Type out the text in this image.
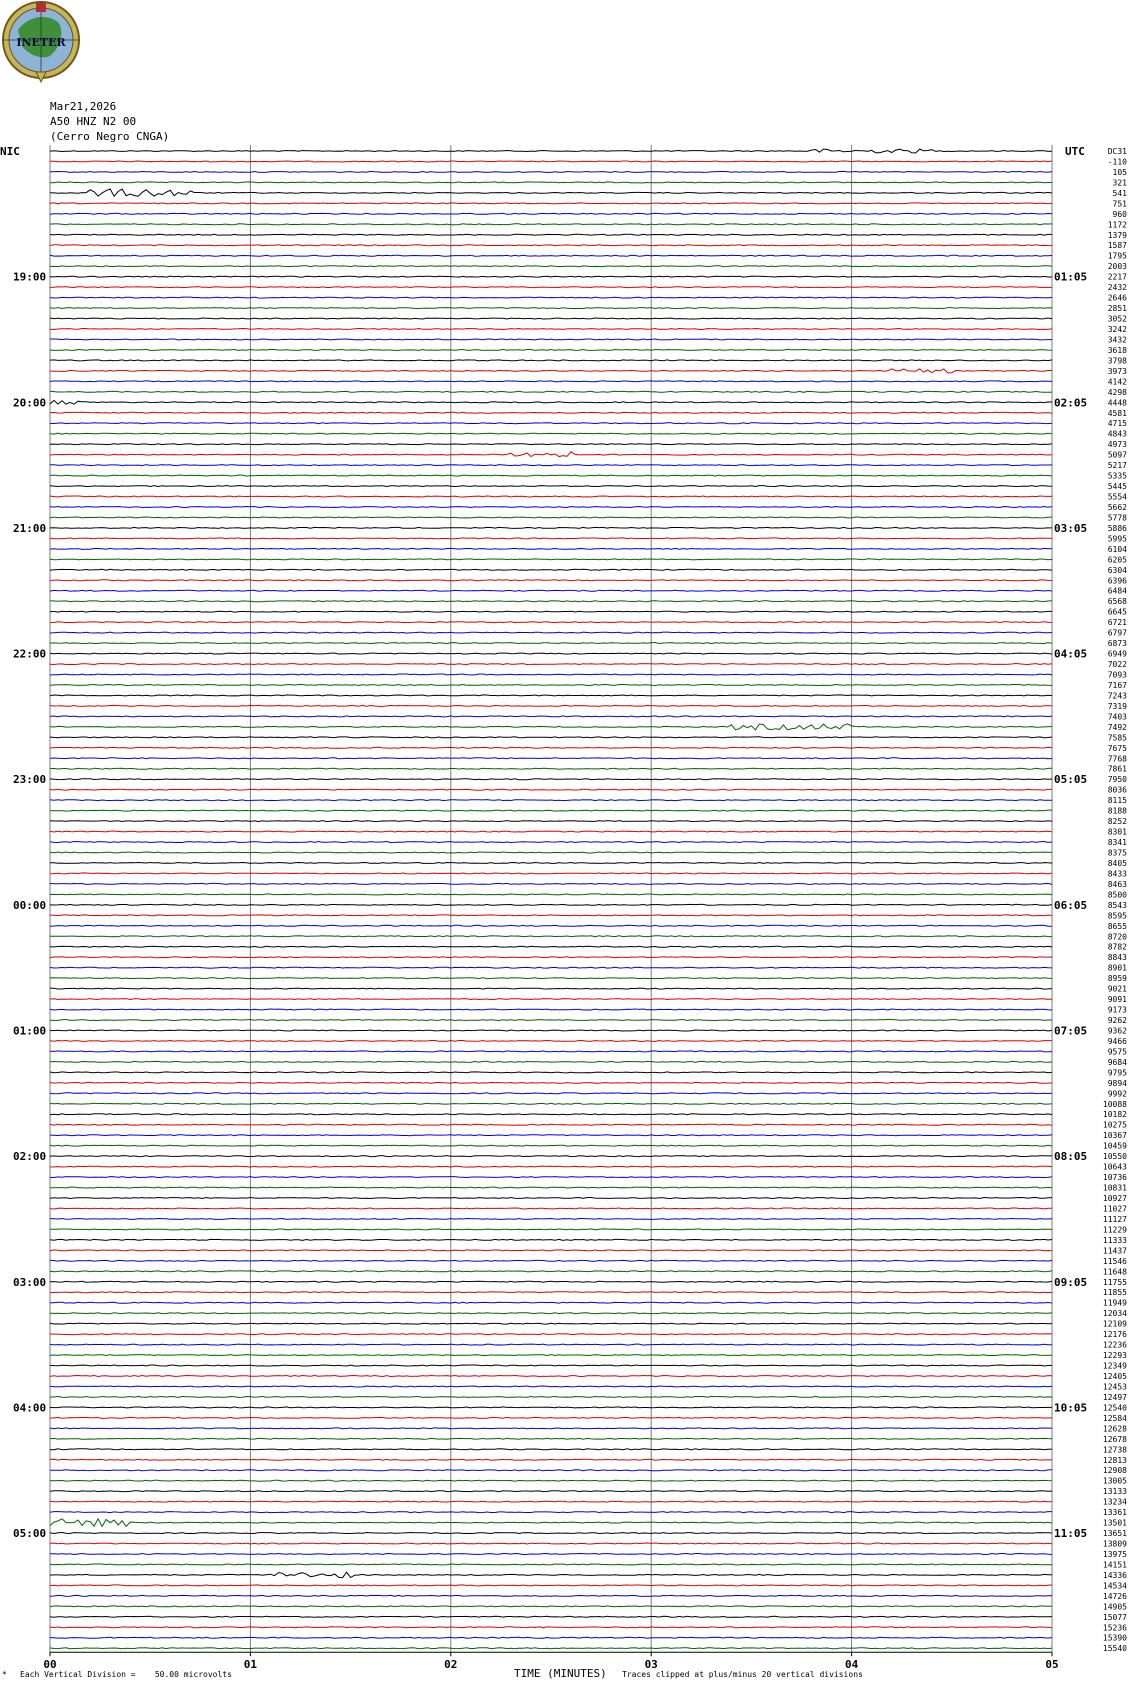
INETER
Mar21,2026
A50 HNZ N2 00
(Cerro Negro CNGA)
NIC	UTC	DC31
-110
105
321
541
751
960
1172
1379
1587
1795
2003
2217
2432
2646
2851
3052
3242
3432
3618
3798
3973
4142
4298
4448
4581
4715
4843
4973
5097
5217
5335
5445
5554
5662
5778
5886
5995
6104
6205
6304
6396
6484
6568
6645
6721
6797
6873
6949
7022
7093
7167
7243
7319
7403
7492
7585
7675
7768
7861
7950
8036
8115
8188
8252
8301
8341
8375
8405
8433
8463
8500
8543
8595
8655
8720
8782
8843
8901
8959
9021
9091
9173
9262
9362
9466
9575
9684
9795
9894
9992
10088
10182
10275
10367
10459
10550
10643
10736
10831
10927
11027
11127
11229
11333
11437
11546
11648
11755
11855
11949
12034
12109
12176
12236
12293
12349
12405
12453
12497
12540
12584
12628
12678
12738
12813
12908
13005
13133
13234
13361
13501
13651
13809
13975
14151
14336
14534
14726
14905
15077
15236
15390
15540
19:00	01:05
20:00	02:05
21:00	03:05
22:00	04:05
23:00	05:05
00:00	06:05
01:00	07:05
02:00	08:05
03:00	09:05
04:00	10:05
05:00	11:05
00	01	02	03	04	05
* Each Vertical Division =    50.00 microvolts	TIME (MINUTES) Traces clipped at plus/minus 20 vertical divisions
